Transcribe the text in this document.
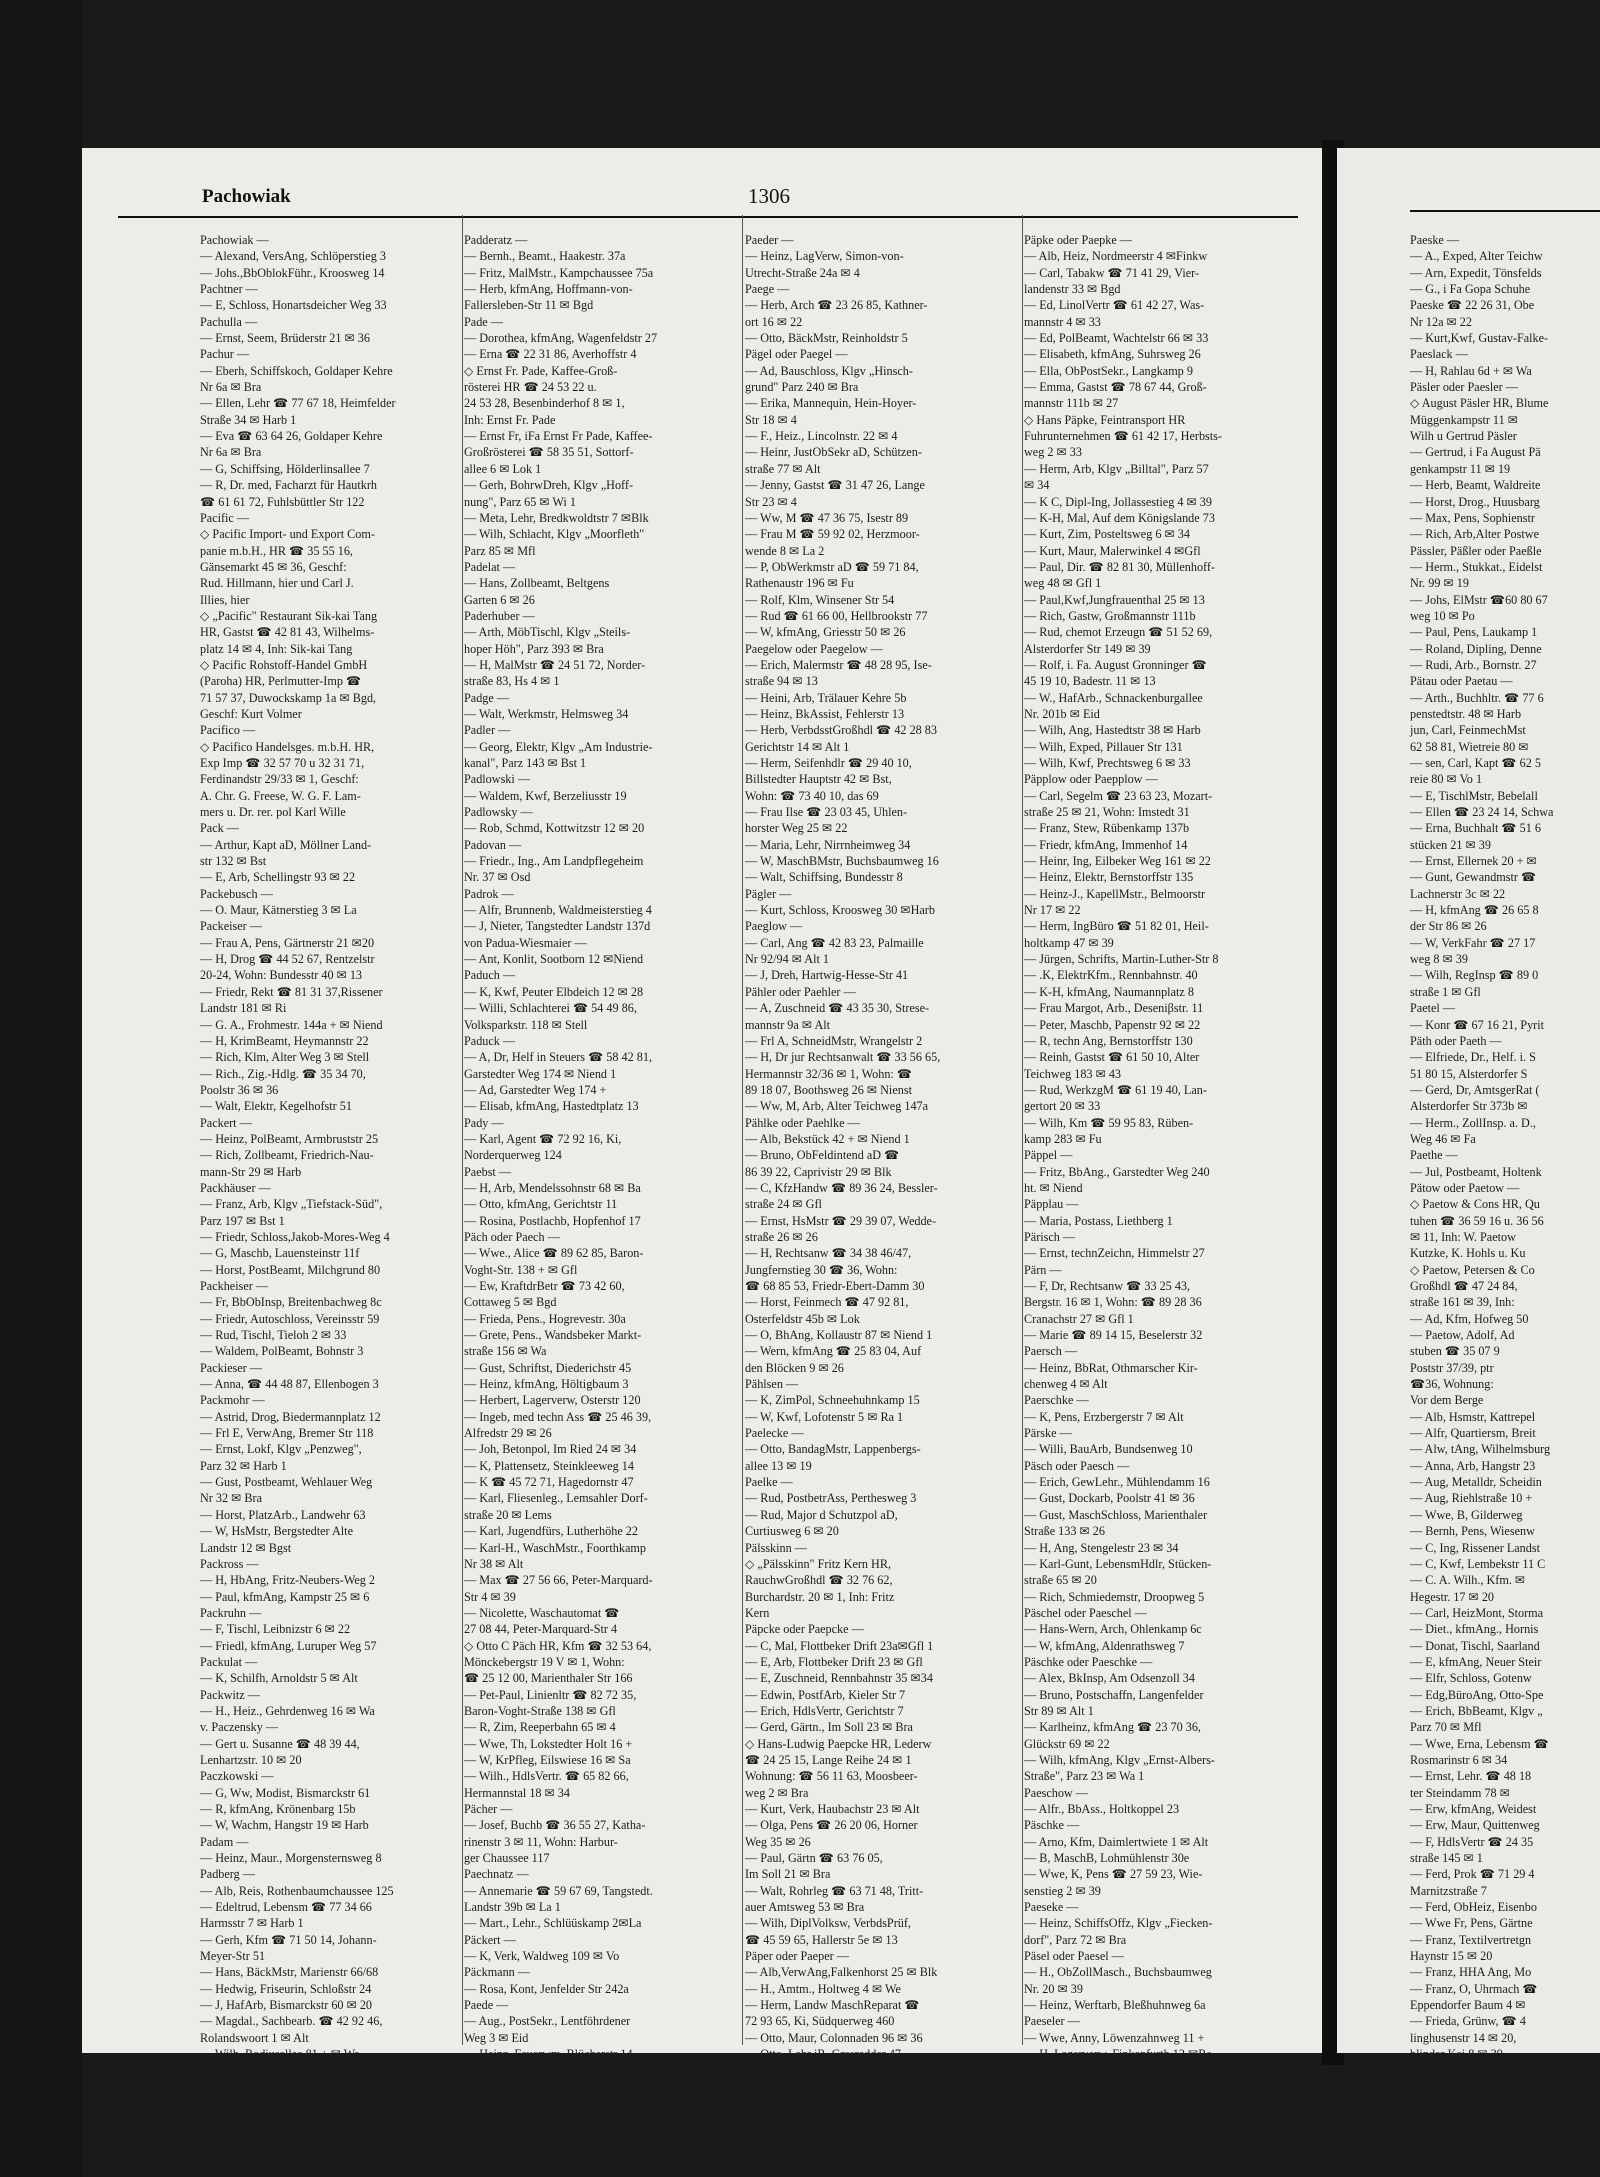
Pachowiak	1306
Pachowiak —
— Alexand, VersAng, Schlöperstieg 3
— Johs.,BbOblokFühr., Kroosweg 14
Pachtner —
— E, Schloss, Honartsdeicher Weg 33
Pachulla —
— Ernst, Seem, Brüderstr 21 ✉ 36
Pachur —
— Eberh, Schiffskoch, Goldaper Kehre
Nr 6a ✉ Bra
— Ellen, Lehr ☎ 77 67 18, Heimfelder
Straße 34 ✉ Harb 1
— Eva ☎ 63 64 26, Goldaper Kehre
Nr 6a ✉ Bra
— G, Schiffsing, Hölderlinsallee 7
— R, Dr. med, Facharzt für Hautkrh
☎ 61 61 72, Fuhlsbüttler Str 122
Pacific —
◇ Pacific Import- und Export Com-
panie m.b.H., HR ☎ 35 55 16,
Gänsemarkt 45 ✉ 36, Geschf:
Rud. Hillmann, hier und Carl J.
Illies, hier
◇ „Pacific" Restaurant Sik-kai Tang
HR, Gastst ☎ 42 81 43, Wilhelms-
platz 14 ✉ 4, Inh: Sik-kai Tang
◇ Pacific Rohstoff-Handel GmbH
(Paroha) HR, Perlmutter-Imp ☎
71 57 37, Duwockskamp 1a ✉ Bgd,
Geschf: Kurt Volmer
Pacifico —
◇ Pacifico Handelsges. m.b.H. HR,
Exp Imp ☎ 32 57 70 u 32 31 71,
Ferdinandstr 29/33 ✉ 1, Geschf:
A. Chr. G. Freese, W. G. F. Lam-
mers u. Dr. rer. pol Karl Wille
Pack —
— Arthur, Kapt aD, Möllner Land-
str 132 ✉ Bst
— E, Arb, Schellingstr 93 ✉ 22
Packebusch —
— O. Maur, Kätnerstieg 3 ✉ La
Packeiser —
— Frau A, Pens, Gärtnerstr 21 ✉20
— H, Drog ☎ 44 52 67, Rentzelstr
20-24, Wohn: Bundesstr 40 ✉ 13
— Friedr, Rekt ☎ 81 31 37,Rissener
Landstr 181 ✉ Ri
— G. A., Frohmestr. 144a + ✉ Niend
— H, KrimBeamt, Heymannstr 22
— Rich, Klm, Alter Weg 3 ✉ Stell
— Rich., Zig.-Hdlg. ☎ 35 34 70,
Poolstr 36 ✉ 36
— Walt, Elektr, Kegelhofstr 51
Packert —
— Heinz, PolBeamt, Armbruststr 25
— Rich, Zollbeamt, Friedrich-Nau-
mann-Str 29 ✉ Harb
Packhäuser —
— Franz, Arb, Klgv „Tiefstack-Süd",
Parz 197 ✉ Bst 1
— Friedr, Schloss,Jakob-Mores-Weg 4
— G, Maschb, Lauensteinstr 11f
— Horst, PostBeamt, Milchgrund 80
Packheiser —
— Fr, BbObInsp, Breitenbachweg 8c
— Friedr, Autoschloss, Vereinsstr 59
— Rud, Tischl, Tieloh 2 ✉ 33
— Waldem, PolBeamt, Bohnstr 3
Packieser —
— Anna, ☎ 44 48 87, Ellenbogen 3
Packmohr —
— Astrid, Drog, Biedermannplatz 12
— Frl E, VerwAng, Bremer Str 118
— Ernst, Lokf, Klgv „Penzweg",
Parz 32 ✉ Harb 1
— Gust, Postbeamt, Wehlauer Weg
Nr 32 ✉ Bra
— Horst, PlatzArb., Landwehr 63
— W, HsMstr, Bergstedter Alte
Landstr 12 ✉ Bgst
Packross —
— H, HbAng, Fritz-Neubers-Weg 2
— Paul, kfmAng, Kampstr 25 ✉ 6
Packruhn —
— F, Tischl, Leibnizstr 6 ✉ 22
— Friedl, kfmAng, Luruper Weg 57
Packulat —
— K, Schilfh, Arnoldstr 5 ✉ Alt
Packwitz —
— H., Heiz., Gehrdenweg 16 ✉ Wa
v. Paczensky —
— Gert u. Susanne ☎ 48 39 44,
Lenhartzstr. 10 ✉ 20
Paczkowski —
— G, Ww, Modist, Bismarckstr 61
— R, kfmAng, Krönenbarg 15b
— W, Wachm, Hangstr 19 ✉ Harb
Padam —
— Heinz, Maur., Morgensternsweg 8
Padberg —
— Alb, Reis, Rothenbaumchaussee 125
— Edeltrud, Lebensm ☎ 77 34 66
Harmsstr 7 ✉ Harb 1
— Gerh, Kfm ☎ 71 50 14, Johann-
Meyer-Str 51
— Hans, BäckMstr, Marienstr 66/68
— Hedwig, Friseurin, Schloßstr 24
— J, HafArb, Bismarckstr 60 ✉ 20
— Magdal., Sachbearb. ☎ 42 92 46,
Rolandswoort 1 ✉ Alt
— Wilh, Rodiusallee 81 + ✉ Wa
— Wilh J, Raumgestalter ☎ 48 30 10,
Eppendorfer Baum 42, Wohn: ☎
48 30 10, das. 18 ✉ 20
Padderatz —
— Bernh., Beamt., Haakestr. 37a
— Fritz, MalMstr., Kampchaussee 75a
— Herb, kfmAng, Hoffmann-von-
Fallersleben-Str 11 ✉ Bgd
Pade —
— Dorothea, kfmAng, Wagenfeldstr 27
— Erna ☎ 22 31 86, Averhoffstr 4
◇ Ernst Fr. Pade, Kaffee-Groß-
rösterei HR ☎ 24 53 22 u.
24 53 28, Besenbinderhof 8 ✉ 1,
Inh: Ernst Fr. Pade
— Ernst Fr, iFa Ernst Fr Pade, Kaffee-
Großrösterei ☎ 58 35 51, Sottorf-
allee 6 ✉ Lok 1
— Gerh, BohrwDreh, Klgv „Hoff-
nung", Parz 65 ✉ Wi 1
— Meta, Lehr, Bredkwoldtstr 7 ✉Blk
— Wilh, Schlacht, Klgv „Moorfleth"
Parz 85 ✉ Mfl
Padelat —
— Hans, Zollbeamt, Beltgens
Garten 6 ✉ 26
Paderhuber —
— Arth, MöbTischl, Klgv „Steils-
hoper Höh", Parz 393 ✉ Bra
— H, MalMstr ☎ 24 51 72, Norder-
straße 83, Hs 4 ✉ 1
Padge —
— Walt, Werkmstr, Helmsweg 34
Padler —
— Georg, Elektr, Klgv „Am Industrie-
kanal", Parz 143 ✉ Bst 1
Padlowski —
— Waldem, Kwf, Berzeliusstr 19
Padlowsky —
— Rob, Schmd, Kottwitzstr 12 ✉ 20
Padovan —
— Friedr., Ing., Am Landpflegeheim
Nr. 37 ✉ Osd
Padrok —
— Alfr, Brunnenb, Waldmeisterstieg 4
— J, Nieter, Tangstedter Landstr 137d
von Padua-Wiesmaier —
— Ant, Konlit, Sootborn 12 ✉Niend
Paduch —
— K, Kwf, Peuter Elbdeich 12 ✉ 28
— Willi, Schlachterei ☎ 54 49 86,
Volksparkstr. 118 ✉ Stell
Paduck —
— A, Dr, Helf in Steuers ☎ 58 42 81,
Garstedter Weg 174 ✉ Niend 1
— Ad, Garstedter Weg 174 +
— Elisab, kfmAng, Hastedtplatz 13
Pady —
— Karl, Agent ☎ 72 92 16, Ki,
Norderquerweg 124
Paebst —
— H, Arb, Mendelssohnstr 68 ✉ Ba
— Otto, kfmAng, Gerichtstr 11
— Rosina, Postlachb, Hopfenhof 17
Päch oder Paech —
— Wwe., Alice ☎ 89 62 85, Baron-
Voght-Str. 138 + ✉ Gfl
— Ew, KraftdrBetr ☎ 73 42 60,
Cottaweg 5 ✉ Bgd
— Frieda, Pens., Hogrevestr. 30a
— Grete, Pens., Wandsbeker Markt-
straße 156 ✉ Wa
— Gust, Schriftst, Diederichstr 45
— Heinz, kfmAng, Höltigbaum 3
— Herbert, Lagerverw, Osterstr 120
— Ingeb, med techn Ass ☎ 25 46 39,
Alfredstr 29 ✉ 26
— Joh, Betonpol, Im Ried 24 ✉ 34
— K, Plattensetz, Steinkleeweg 14
— K ☎ 45 72 71, Hagedornstr 47
— Karl, Fliesenleg., Lemsahler Dorf-
straße 20 ✉ Lems
— Karl, Jugendfürs, Lutherhöhe 22
— Karl-H., WaschMstr., Foorthkamp
Nr 38 ✉ Alt
— Max ☎ 27 56 66, Peter-Marquard-
Str 4 ✉ 39
— Nicolette, Waschautomat ☎
27 08 44, Peter-Marquard-Str 4
◇ Otto C Päch HR, Kfm ☎ 32 53 64,
Mönckebergstr 19 V ✉ 1, Wohn:
☎ 25 12 00, Marienthaler Str 166
— Pet-Paul, Linienltr ☎ 82 72 35,
Baron-Voght-Straße 138 ✉ Gfl
— R, Zim, Reeperbahn 65 ✉ 4
— Wwe, Th, Lokstedter Holt 16 +
— W, KrPfleg, Eilswiese 16 ✉ Sa
— Wilh., HdlsVertr. ☎ 65 82 66,
Hermannstal 18 ✉ 34
Pächer —
— Josef, Buchb ☎ 36 55 27, Katha-
rinenstr 3 ✉ 11, Wohn: Harbur-
ger Chaussee 117
Paechnatz —
— Annemarie ☎ 59 67 69, Tangstedt.
Landstr 39b ✉ La 1
— Mart., Lehr., Schlüüskamp 2✉La
Päckert —
— K, Verk, Waldweg 109 ✉ Vo
Päckmann —
— Rosa, Kont, Jenfelder Str 242a
Paede —
— Aug., PostSekr., Lentföhrdener
Weg 3 ✉ Eid
— Heinz, Feuerwm, Blücherstr 14
— Kurt, BehAng, Lutterothstr 51 ✉19
— M, Sal, Blücherstr 14 ✉ Alt 1
— Willi, HdlsVertr, Südersir 345a
Paeder —
— Heinz, LagVerw, Simon-von-
Utrecht-Straße 24a ✉ 4
Paege —
— Herb, Arch ☎ 23 26 85, Kathner-
ort 16 ✉ 22
— Otto, BäckMstr, Reinholdstr 5
Pägel oder Paegel —
— Ad, Bauschloss, Klgv „Hinsch-
grund" Parz 240 ✉ Bra
— Erika, Mannequin, Hein-Hoyer-
Str 18 ✉ 4
— F., Heiz., Lincolnstr. 22 ✉ 4
— Heinr, JustObSekr aD, Schützen-
straße 77 ✉ Alt
— Jenny, Gastst ☎ 31 47 26, Lange
Str 23 ✉ 4
— Ww, M ☎ 47 36 75, Isestr 89
— Frau M ☎ 59 92 02, Herzmoor-
wende 8 ✉ La 2
— P, ObWerkmstr aD ☎ 59 71 84,
Rathenaustr 196 ✉ Fu
— Rolf, Klm, Winsener Str 54
— Rud ☎ 61 66 00, Hellbrookstr 77
— W, kfmAng, Griesstr 50 ✉ 26
Paegelow oder Paegelow —
— Erich, Malermstr ☎ 48 28 95, Ise-
straße 94 ✉ 13
— Heini, Arb, Trälauer Kehre 5b
— Heinz, BkAssist, Fehlerstr 13
— Herb, VerbdsstGroßhdl ☎ 42 28 83
Gerichtstr 14 ✉ Alt 1
— Herm, Seifenhdlr ☎ 29 40 10,
Billstedter Hauptstr 42 ✉ Bst,
Wohn: ☎ 73 40 10, das 69
— Frau Ilse ☎ 23 03 45, Uhlen-
horster Weg 25 ✉ 22
— Maria, Lehr, Nirrnheimweg 34
— W, MaschBMstr, Buchsbaumweg 16
— Walt, Schiffsing, Bundesstr 8
Pägler —
— Kurt, Schloss, Kroosweg 30 ✉Harb
Paeglow —
— Carl, Ang ☎ 42 83 23, Palmaille
Nr 92/94 ✉ Alt 1
— J, Dreh, Hartwig-Hesse-Str 41
Pähler oder Paehler —
— A, Zuschneid ☎ 43 35 30, Strese-
mannstr 9a ✉ Alt
— Frl A, SchneidMstr, Wrangelstr 2
— H, Dr jur Rechtsanwalt ☎ 33 56 65,
Hermannstr 32/36 ✉ 1, Wohn: ☎
89 18 07, Boothsweg 26 ✉ Nienst
— Ww, M, Arb, Alter Teichweg 147a
Pählke oder Paehlke —
— Alb, Bekstück 42 + ✉ Niend 1
— Bruno, ObFeldintend aD ☎
86 39 22, Caprivistr 29 ✉ Blk
— C, KfzHandw ☎ 89 36 24, Bessler-
straße 24 ✉ Gfl
— Ernst, HsMstr ☎ 29 39 07, Wedde-
straße 26 ✉ 26
— H, Rechtsanw ☎ 34 38 46/47,
Jungfernstieg 30 ☎ 36, Wohn:
☎ 68 85 53, Friedr-Ebert-Damm 30
— Horst, Feinmech ☎ 47 92 81,
Osterfeldstr 45b ✉ Lok
— O, BhAng, Kollaustr 87 ✉ Niend 1
— Wern, kfmAng ☎ 25 83 04, Auf
den Blöcken 9 ✉ 26
Pählsen —
— K, ZimPol, Schneehuhnkamp 15
— W, Kwf, Lofotenstr 5 ✉ Ra 1
Paelecke —
— Otto, BandagMstr, Lappenbergs-
allee 13 ✉ 19
Paelke —
— Rud, PostbetrAss, Perthesweg 3
— Rud, Major d Schutzpol aD,
Curtiusweg 6 ✉ 20
Pälsskinn —
◇ „Pälsskinn" Fritz Kern HR,
RauchwGroßhdl ☎ 32 76 62,
Burchardstr. 20 ✉ 1, Inh: Fritz
Kern
Päpcke oder Paepcke —
— C, Mal, Flottbeker Drift 23a✉Gfl 1
— E, Arb, Flottbeker Drift 23 ✉ Gfl
— E, Zuschneid, Rennbahnstr 35 ✉34
— Edwin, PostfArb, Kieler Str 7
— Erich, HdlsVertr, Gerichtstr 7
— Gerd, Gärtn., Im Soll 23 ✉ Bra
◇ Hans-Ludwig Paepcke HR, Lederw
☎ 24 25 15, Lange Reihe 24 ✉ 1
Wohnung: ☎ 56 11 63, Moosbeer-
weg 2 ✉ Bra
— Kurt, Verk, Haubachstr 23 ✉ Alt
— Olga, Pens ☎ 26 20 06, Horner
Weg 35 ✉ 26
— Paul, Gärtn ☎ 63 76 05,
Im Soll 21 ✉ Bra
— Walt, Rohrleg ☎ 63 71 48, Tritt-
auer Amtsweg 53 ✉ Bra
— Wilh, DiplVolksw, VerbdsPrüf,
☎ 45 59 65, Hallerstr 5e ✉ 13
Päper oder Paeper —
— Alb,VerwAng,Falkenhorst 25 ✉ Blk
— H., Amtm., Holtweg 4 ✉ We
— Herm, Landw MaschReparat ☎
72 93 65, Ki, Südquerweg 460
— Otto, Maur, Colonnaden 96 ✉ 36
— Otto, Lehr iR, Grasredder 47
— Rich, Arb, Schumannstr 58 ✉ 22
— Walt, HdlsVertr ☎ 77 67 76
Haakestr 27 ✉ Harb
Päpke oder Paepke —
— Alb, Heiz, Nordmeerstr 4 ✉Finkw
— Carl, Tabakw ☎ 71 41 29, Vier-
landenstr 33 ✉ Bgd
— Ed, LinolVertr ☎ 61 42 27, Was-
mannstr 4 ✉ 33
— Ed, PolBeamt, Wachtelstr 66 ✉ 33
— Elisabeth, kfmAng, Suhrsweg 26
— Ella, ObPostSekr., Langkamp 9
— Emma, Gastst ☎ 78 67 44, Groß-
mannstr 111b ✉ 27
◇ Hans Päpke, Feintransport HR
Fuhrunternehmen ☎ 61 42 17, Herbsts-
weg 2 ✉ 33
— Herm, Arb, Klgv „Billtal", Parz 57
✉ 34
— K C, Dipl-Ing, Jollassestieg 4 ✉ 39
— K-H, Mal, Auf dem Königslande 73
— Kurt, Zim, Posteltsweg 6 ✉ 34
— Kurt, Maur, Malerwinkel 4 ✉Gfl
— Paul, Dir. ☎ 82 81 30, Müllenhoff-
weg 48 ✉ Gfl 1
— Paul,Kwf,Jungfrauenthal 25 ✉ 13
— Rich, Gastw, Großmannstr 111b
— Rud, chemot Erzeugn ☎ 51 52 69,
Alsterdorfer Str 149 ✉ 39
— Rolf, i. Fa. August Gronninger ☎
45 19 10, Badestr. 11 ✉ 13
— W., HafArb., Schnackenburgallee
Nr. 201b ✉ Eid
— Wilh, Ang, Hastedtstr 38 ✉ Harb
— Wilh, Exped, Pillauer Str 131
— Wilh, Kwf, Prechtsweg 6 ✉ 33
Päpplow oder Paepplow —
— Carl, Segelm ☎ 23 63 23, Mozart-
straße 25 ✉ 21, Wohn: Imstedt 31
— Franz, Stew, Rübenkamp 137b
— Friedr, kfmAng, Immenhof 14
— Heinr, Ing, Eilbeker Weg 161 ✉ 22
— Heinz, Elektr, Bernstorffstr 135
— Heinz-J., KapellMstr., Belmoorstr
Nr 17 ✉ 22
— Herm, IngBüro ☎ 51 82 01, Heil-
holtkamp 47 ✉ 39
— Jürgen, Schrifts, Martin-Luther-Str 8
— .K, ElektrKfm., Rennbahnstr. 40
— K-H, kfmAng, Naumannplatz 8
— Frau Margot, Arb., Deseniβstr. 11
— Peter, Maschb, Papenstr 92 ✉ 22
— R, techn Ang, Bernstorffstr 130
— Reinh, Gastst ☎ 61 50 10, Alter
Teichweg 183 ✉ 43
— Rud, WerkzgM ☎ 61 19 40, Lan-
gertort 20 ✉ 33
— Wilh, Km ☎ 59 95 83, Rüben-
kamp 283 ✉ Fu
Päppel —
— Fritz, BbAng., Garstedter Weg 240
ht. ✉ Niend
Päpplau —
— Maria, Postass, Liethberg 1
Pärisch —
— Ernst, technZeichn, Himmelstr 27
Pärn —
— F, Dr, Rechtsanw ☎ 33 25 43,
Bergstr. 16 ✉ 1, Wohn: ☎ 89 28 36
Cranachstr 27 ✉ Gfl 1
— Marie ☎ 89 14 15, Beselerstr 32
Paersch —
— Heinz, BbRat, Othmarscher Kir-
chenweg 4 ✉ Alt
Paerschke —
— K, Pens, Erzbergerstr 7 ✉ Alt
Pärske —
— Willi, BauArb, Bundsenweg 10
Päsch oder Paesch —
— Erich, GewLehr., Mühlendamm 16
— Gust, Dockarb, Poolstr 41 ✉ 36
— Gust, MaschSchloss, Marienthaler
Straße 133 ✉ 26
— H, Ang, Stengelestr 23 ✉ 34
— Karl-Gunt, LebensmHdlr, Stücken-
straße 65 ✉ 20
— Rich, Schmiedemstr, Droopweg 5
Päschel oder Paeschel —
— Hans-Wern, Arch, Ohlenkamp 6c
— W, kfmAng, Aldenrathsweg 7
Päschke oder Paeschke —
— Alex, BkInsp, Am Odsenzoll 34
— Bruno, Postschaffn, Langenfelder
Str 89 ✉ Alt 1
— Karlheinz, kfmAng ☎ 23 70 36,
Glückstr 69 ✉ 22
— Wilh, kfmAng, Klgv „Ernst-Albers-
Straße", Parz 23 ✉ Wa 1
Paeschow —
— Alfr., BbAss., Holtkoppel 23
Päschke —
— Arno, Kfm, Daimlertwiete 1 ✉ Alt
— B, MaschB, Lohmühlenstr 30e
— Wwe, K, Pens ☎ 27 59 23, Wie-
senstieg 2 ✉ 39
Paeseke —
— Heinz, SchiffsOffz, Klgv „Fiecken-
dorf", Parz 72 ✉ Bra
Päsel oder Paesel —
— H., ObZollMasch., Buchsbaumweg
Nr. 20 ✉ 39
— Heinz, Werftarb, Bleßhuhnweg 6a
Paeseler —
— Wwe, Anny, Löwenzahnweg 11 +
— H, Lagerverw, Finkenfurth 12 ✉Ra
Paeserack —
— Alfr, Lag, Dulsberg-Süd 7 ✉ 43
Paeske —
— A., Exped, Alter Teichw
— Arn, Expedit, Tönsfelds
— G., i Fa Gopa Schuhe
Paeske ☎ 22 26 31, Obe
Nr 12a ✉ 22
— Kurt,Kwf, Gustav-Falke-
Paeslack —
— H, Rahlau 6d + ✉ Wa
Päsler oder Paesler —
◇ August Päsler HR, Blume
Müggenkampstr 11 ✉
Wilh u Gertrud Päsler
— Gertrud, i Fa August Pä
genkampstr 11 ✉ 19
— Herb, Beamt, Waldreite
— Horst, Drog., Huusbarg
— Max, Pens, Sophienstr
— Rich, Arb,Alter Postwe
Pässler, Päßler oder Paeßle
— Herm., Stukkat., Eidelst
Nr. 99 ✉ 19
— Johs, ElMstr ☎60 80 67
weg 10 ✉ Po
— Paul, Pens, Laukamp 1
— Roland, Dipling, Denne
— Rudi, Arb., Bornstr. 27
Pätau oder Paetau —
— Arth., Buchhltr. ☎ 77 6
penstedtstr. 48 ✉ Harb
jun, Carl, FeinmechMst
62 58 81, Wietreie 80 ✉
— sen, Carl, Kapt ☎ 62 5
reie 80 ✉ Vo 1
— E, TischlMstr, Bebelall
— Ellen ☎ 23 24 14, Schwa
— Erna, Buchhalt ☎ 51 6
stücken 21 ✉ 39
— Ernst, Ellernek 20 + ✉
— Gunt, Gewandmstr ☎
Lachnerstr 3c ✉ 22
— H, kfmAng ☎ 26 65 8
der Str 86 ✉ 26
— W, VerkFahr ☎ 27 17
weg 8 ✉ 39
— Wilh, RegInsp ☎ 89 0
straße 1 ✉ Gfl
Paetel —
— Konr ☎ 67 16 21, Pyrit
Päth oder Paeth —
— Elfriede, Dr., Helf. i. S
51 80 15, Alsterdorfer S
— Gerd, Dr, AmtsgerRat (
Alsterdorfer Str 373b ✉
— Herm., ZollInsp. a. D.,
Weg 46 ✉ Fa
Paethe —
— Jul, Postbeamt, Holtenk
Pätow oder Paetow —
◇ Paetow & Cons HR, Qu
tuhen ☎ 36 59 16 u. 36 56
✉ 11, Inh: W. Paetow
Kutzke, K. Hohls u. Ku
◇ Paetow, Petersen & Co
Großhdl ☎ 47 24 84,
straße 161 ✉ 39, Inh:
— Ad, Kfm, Hofweg 50
— Paetow, Adolf, Ad
stuben ☎ 35 07 9
Poststr 37/39, ptr
☎36, Wohnung:
Vor dem Berge
— Alb, Hsmstr, Kattrepel
— Alfr, Quartiersm, Breit
— Alw, tAng, Wilhelmsburg
— Anna, Arb, Hangstr 23
— Aug, Metalldr, Scheidin
— Aug, Riehlstraße 10 +
— Wwe, B, Gilderweg
— Bernh, Pens, Wiesenw
— C, Ing, Rissener Landst
— C, Kwf, Lembekstr 11 C
— C. A. Wilh., Kfm. ✉
Hegestr. 17 ✉ 20
— Carl, HeizMont, Storma
— Diet., kfmAng., Hornis
— Donat, Tischl, Saarland
— E, kfmAng, Neuer Steir
— Elfr, Schloss, Gotenw
— Edg,BüroAng, Otto-Spe
— Erich, BbBeamt, Klgv „
Parz 70 ✉ Mfl
— Wwe, Erna, Lebensm ☎
Rosmarinstr 6 ✉ 34
— Ernst, Lehr. ☎ 48 18
ter Steindamm 78 ✉
— Erw, kfmAng, Weidest
— Erw, Maur, Quittenweg
— F, HdlsVertr ☎ 24 35
straße 145 ✉ 1
— Ferd, Prok ☎ 71 29 4
Marnitzstraße 7
— Ferd, ObHeiz, Eisenbo
— Wwe Fr, Pens, Gärtne
— Franz, Textilvertretgn
Haynstr 15 ✉ 20
— Franz, HHA Ang, Mo
— Franz, O, Uhrmach ☎
Eppendorfer Baum 4 ✉
— Frieda, Grünw, ☎ 4
linghusenstr 14 ✉ 20,
blinder Kai 8 ✉ 39
— Friedr, tAng, Schumanr
— Friedr, Maur, Hornisse
— Friedr, Schiffsing, Mart
